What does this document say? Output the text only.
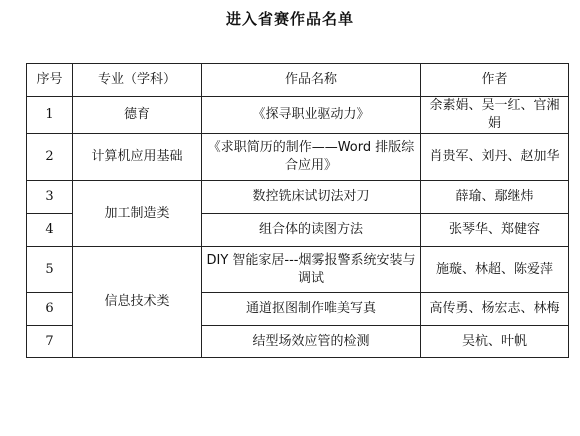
进入省赛作品名单
序号	专业（学科）	作品名称	作者
1	德育	《探寻职业驱动力》	余素娟、吴一红、官湘娟
2	计算机应用基础	《求职简历的制作——Word 排版综合应用》	肖贵军、刘丹、赵加华
3	加工制造类	数控铣床试切法对刀	薛瑜、鄢继炜
4		组合体的读图方法	张琴华、郑健容
5	信息技术类	DIY 智能家居---烟雾报警系统安装与调试	施璇、林超、陈爱萍
6		通道抠图制作唯美写真	高传勇、杨宏志、林梅
7		结型场效应管的检测	吴杭、叶帆
